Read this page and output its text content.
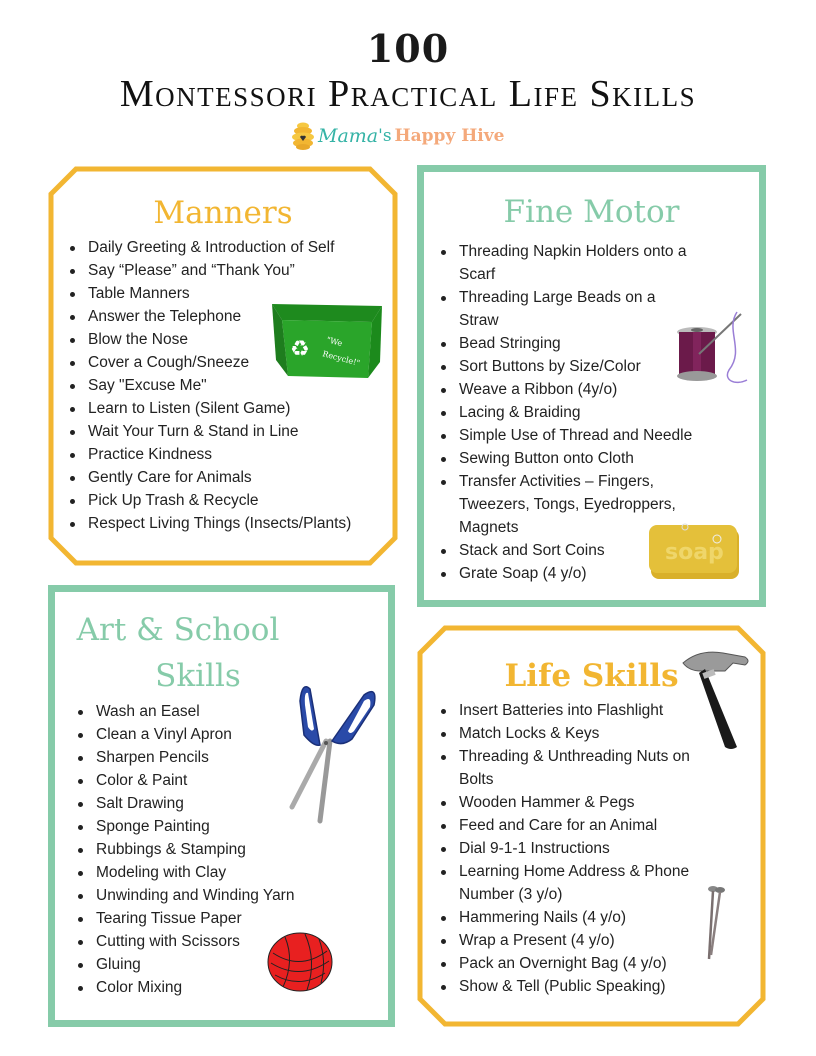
100
Montessori Practical Life Skills
Mama 's Happy Hive
Manners
Daily Greeting & Introduction of Self
Say “Please” and “Thank You”
Table Manners
Answer the Telephone
Blow the Nose
Cover a Cough/Sneeze
Say "Excuse Me"
Learn to Listen (Silent Game)
Wait Your Turn & Stand in Line
Practice Kindness
Gently Care for Animals
Pick Up Trash & Recycle
Respect Living Things (Insects/Plants)
♻ "We
Recycle!"
Fine Motor
Threading Napkin Holders onto a Scarf
Threading Large Beads on a Straw
Bead Stringing
Sort Buttons by Size/Color
Weave a Ribbon (4y/o)
Lacing & Braiding
Simple Use of Thread and Needle
Sewing Button onto Cloth
Transfer Activities – Fingers, Tweezers, Tongs, Eyedroppers, Magnets
Stack and Sort Coins
Grate Soap (4 y/o)
soap
Art & School
Skills
Wash an Easel
Clean a Vinyl Apron
Sharpen Pencils
Color & Paint
Salt Drawing
Sponge Painting
Rubbings & Stamping
Modeling with Clay
Unwinding and Winding Yarn
Tearing Tissue Paper
Cutting with Scissors
Gluing
Color Mixing
Life Skills
Insert Batteries into Flashlight
Match Locks & Keys
Threading & Unthreading Nuts on Bolts
Wooden Hammer & Pegs
Feed and Care for an Animal
Dial 9-1-1 Instructions
Learning Home Address & Phone Number (3 y/o)
Hammering Nails (4 y/o)
Wrap a Present (4 y/o)
Pack an Overnight Bag (4 y/o)
Show & Tell (Public Speaking)
